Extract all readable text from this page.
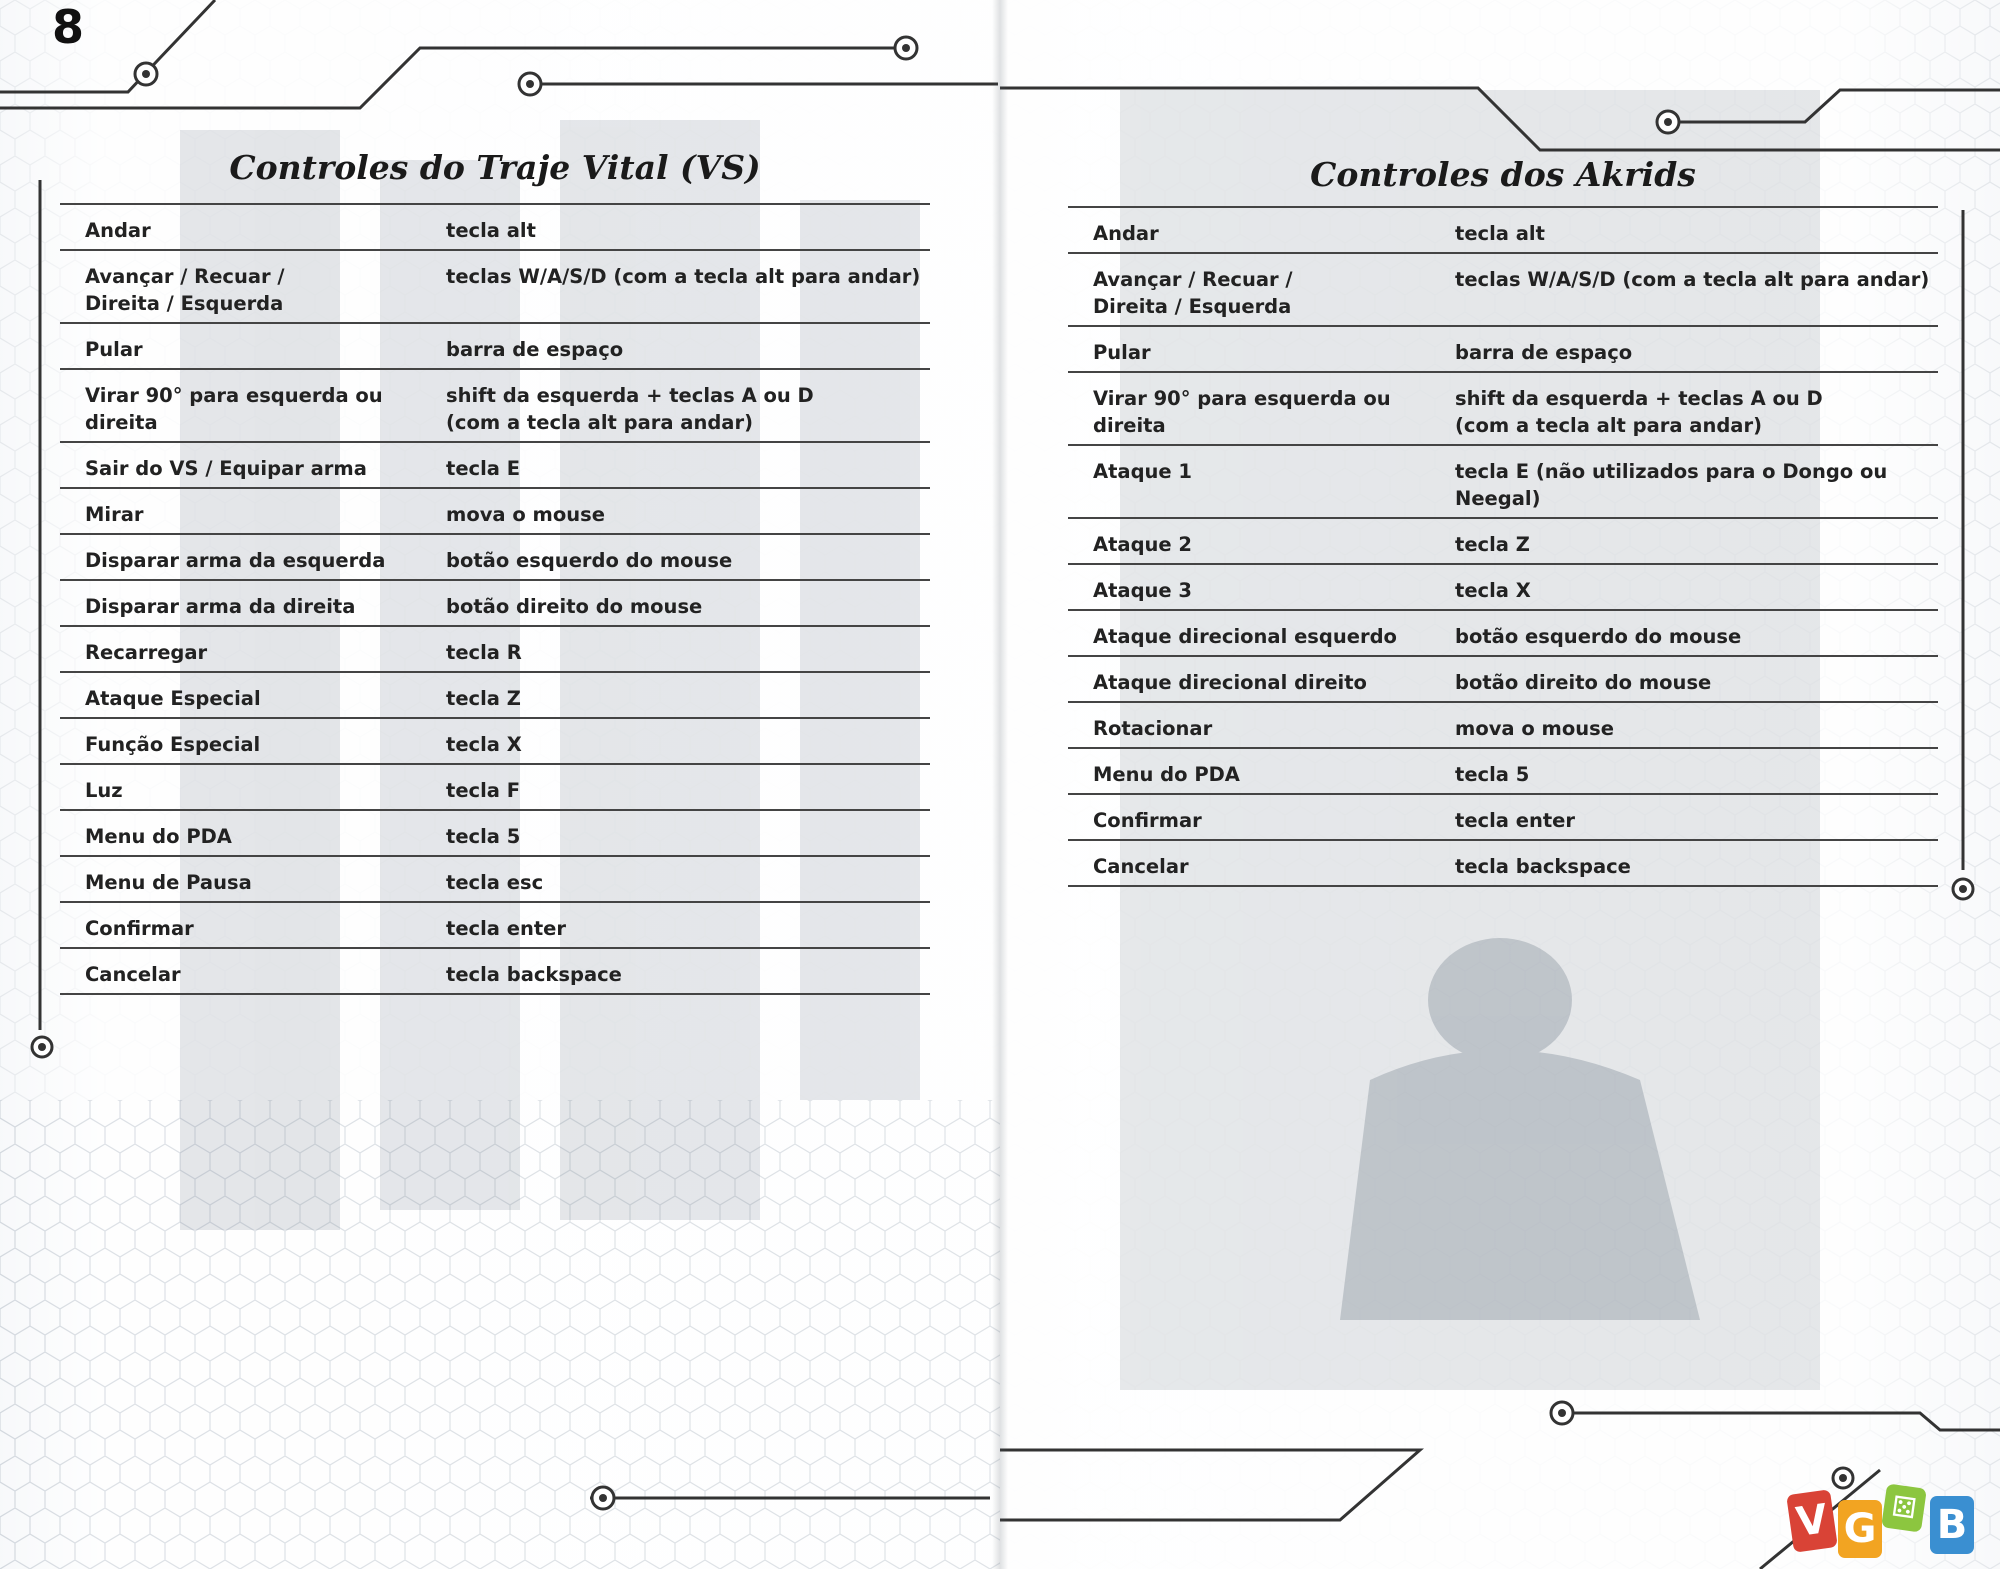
8
Controles do Traje Vital (VS)
Andar	tecla alt
Avançar / Recuar /
Direita / Esquerda	teclas W/A/S/D (com a tecla alt para andar)
Pular	barra de espaço
Virar 90° para esquerda ou direita	shift da esquerda + teclas A ou D
(com a tecla alt para andar)
Sair do VS / Equipar arma	tecla E
Mirar	mova o mouse
Disparar arma da esquerda	botão esquerdo do mouse
Disparar arma da direita	botão direito do mouse
Recarregar	tecla R
Ataque Especial	tecla Z
Função Especial	tecla X
Luz	tecla F
Menu do PDA	tecla 5
Menu de Pausa	tecla esc
Confirmar	tecla enter
Cancelar	tecla backspace
Controles dos Akrids
Andar	tecla alt
Avançar / Recuar /
Direita / Esquerda	teclas W/A/S/D (com a tecla alt para andar)
Pular	barra de espaço
Virar 90° para esquerda ou direita	shift da esquerda + teclas A ou D
(com a tecla alt para andar)
Ataque 1	tecla E (não utilizados para o Dongo ou
Neegal)
Ataque 2	tecla Z
Ataque 3	tecla X
Ataque direcional esquerdo	botão esquerdo do mouse
Ataque direcional direito	botão direito do mouse
Rotacionar	mova o mouse
Menu do PDA	tecla 5
Confirmar	tecla enter
Cancelar	tecla backspace
V G ⚄ B
